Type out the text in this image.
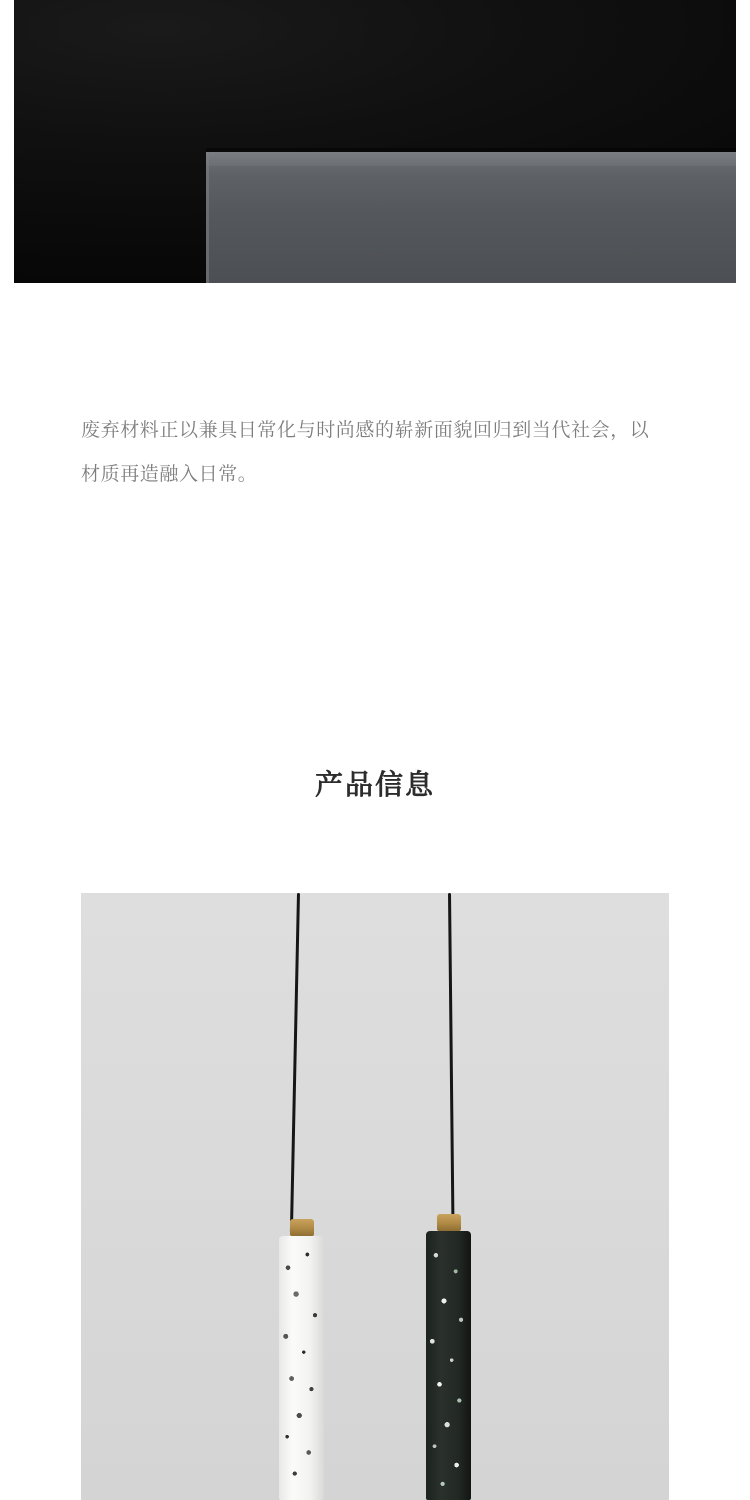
废弃材料正以兼具日常化与时尚感的崭新面貌回归到当代社会，以材质再造融入日常。

产品信息
